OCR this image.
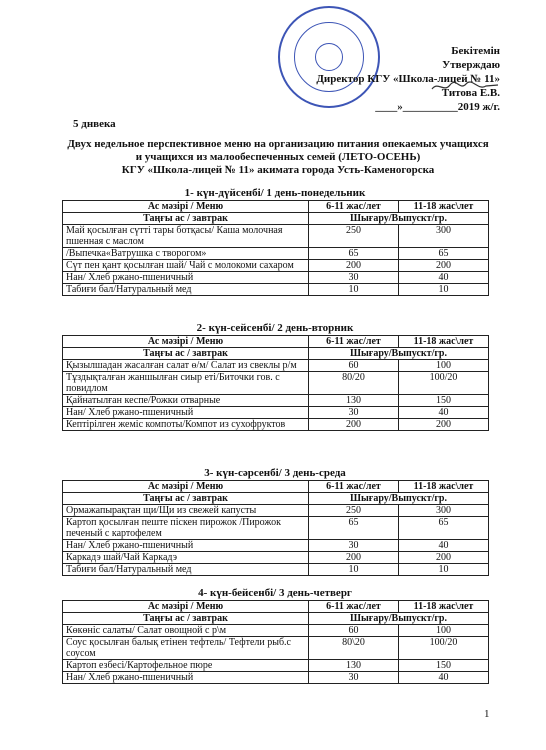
Бекітемін
Утверждаю
Директор КГУ «Школа-лицей № 11»
Титова Е.В.
____»__________2019 ж/г.
5 днвека
Двух недельное перспективное меню на организацию питания опекаемых учащихся
и учащихся из малообеспеченных семей (ЛЕТО-ОСЕНЬ)
КГУ «Школа-лицей № 11» акимата города Усть-Каменогорска
1- күн-дүйсенбі/ 1 день-понедельник
Ас мәзірі / Меню	6-11 жас/лет	11-18 жас\лет
Таңғы ас / завтрак	Шығару/Выпускт/гр.	
Май қосылған сүтті тары ботқасы/ Каша молочная пшенная с маслом	250	300
/Выпечка«Ватрушка с творогом»	65	65
Сүт пен қант қосылған шай/ Чай с молокоми сахаром	200	200
Нан/ Хлеб ржано-пшеничный	30	40
Табиғи бал/Натуральный мед	10	10
2- күн-сейсенбі/ 2 день-вторник
Ас мәзірі / Меню	6-11 жас/лет	11-18 жас\лет
Таңғы ас / завтрак	Шығару/Выпускт/гр.	
Қызылшадан жасалған салат ө/м/ Салат из свеклы р/м	60	100
Тұздықталған жаншылған сиыр еті/Биточки гов. с повидлом	80/20	100/20
Қайнатылған кеспе/Рожки отварные	130	150
Нан/ Хлеб ржано-пшеничный	30	40
Кептірілген жеміс компоты/Компот из сухофруктов	200	200
3- күн-сәрсенбі/ 3 день-среда
Ас мәзірі / Меню	6-11 жас/лет	11-18 жас\лет
Таңғы ас / завтрак	Шығару/Выпускт/гр.	
Ормажапырақтан щи/Щи из свежей капусты	250	300
Картоп қосылған пеште піскен пирожок /Пирожок печеный с картофелем	65	65
Нан/ Хлеб ржано-пшеничный	30	40
Каркадэ шай/Чай Каркадэ	200	200
Табиғи бал/Натуральный мед	10	10
4- күн-бейсенбі/ 3 день-четверг
Ас мәзірі / Меню	6-11 жас/лет	11-18 жас\лет
Таңғы ас / завтрак	Шығару/Выпускт/гр.	
Көкөніс салаты/ Салат овощной с р\м	60	100
Соус қосылған балық етінен тефтель/ Тефтели рыб.с соусом	80\20	100/20
Картоп езбесі/Картофельное пюре	130	150
Нан/ Хлеб ржано-пшеничный	30	40
1
